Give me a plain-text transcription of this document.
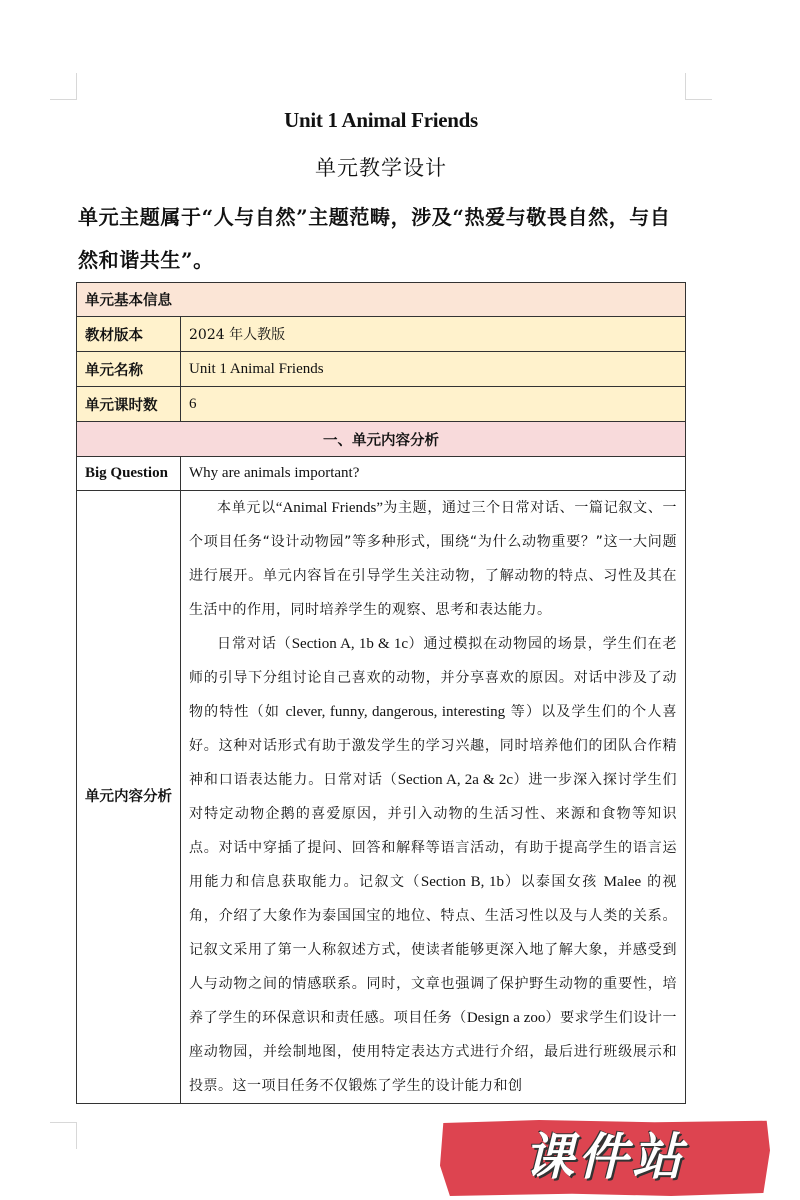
Unit 1 Animal Friends
单元教学设计
单元主题属于“人与自然”主题范畴，涉及“热爱与敬畏自然，与自然和谐共生”。
单元基本信息	
教材版本	2024 年人教版
单元名称	Unit 1 Animal Friends
单元课时数	6
一、单元内容分析	
Big Question	Why are animals important?
单元内容分析	本单元以“Animal Friends”为主题，通过三个日常对话、一篇记叙文、一个项目任务“设计动物园”等多种形式，围绕“为什么动物重要？”这一大问题进行展开。单元内容旨在引导学生关注动物，了解动物的特点、习性及其在生活中的作用，同时培养学生的观察、思考和表达能力。

日常对话（Section A, 1b & 1c）通过模拟在动物园的场景，学生们在老师的引导下分组讨论自己喜欢的动物，并分享喜欢的原因。对话中涉及了动物的特性（如 clever, funny, dangerous, interesting 等）以及学生们的个人喜好。这种对话形式有助于激发学生的学习兴趣，同时培养他们的团队合作精神和口语表达能力。日常对话（Section A, 2a & 2c）进一步深入探讨学生们对特定动物企鹅的喜爱原因，并引入动物的生活习性、来源和食物等知识点。对话中穿插了提问、回答和解释等语言活动，有助于提高学生的语言运用能力和信息获取能力。记叙文（Section B, 1b）以泰国女孩 Malee 的视角，介绍了大象作为泰国国宝的地位、特点、生活习性以及与人类的关系。记叙文采用了第一人称叙述方式，使读者能够更深入地了解大象，并感受到人与动物之间的情感联系。同时，文章也强调了保护野生动物的重要性，培养了学生的环保意识和责任感。项目任务（Design a zoo）要求学生们设计一座动物园，并绘制地图，使用特定表达方式进行介绍，最后进行班级展示和投票。这一项目任务不仅锻炼了学生的设计能力和创

课件站
